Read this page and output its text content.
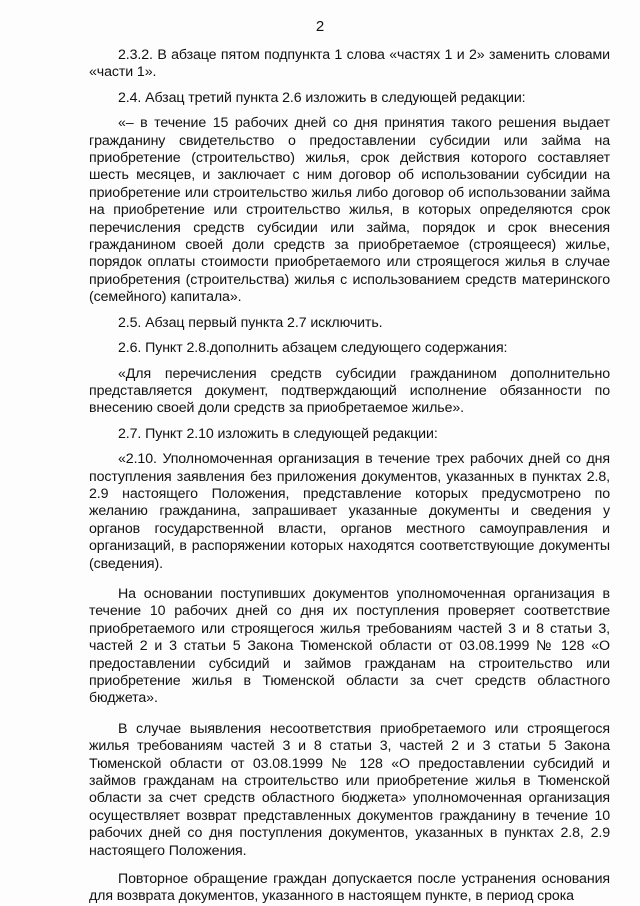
2

2.3.2. В абзаце пятом подпункта 1 слова «частях 1 и 2» заменить словами «части 1».

2.4. Абзац третий пункта 2.6 изложить в следующей редакции:

«– в течение 15 рабочих дней со дня принятия такого решения выдает гражданину свидетельство о предоставлении субсидии или займа на приобретение (строительство) жилья, срок действия которого составляет шесть месяцев, и заключает с ним договор об использовании субсидии на приобретение или строительство жилья либо договор об использовании займа на приобретение или строительство жилья, в которых определяются срок перечисления средств субсидии или займа, порядок и срок внесения гражданином своей доли средств за приобретаемое (строящееся) жилье, порядок оплаты стоимости приобретаемого или строящегося жилья в случае приобретения (строительства) жилья с использованием средств материнского (семейного) капитала».

2.5. Абзац первый пункта 2.7 исключить.

2.6. Пункт 2.8.дополнить абзацем следующего содержания:

«Для перечисления средств субсидии гражданином дополнительно представляется документ, подтверждающий исполнение обязанности по внесению своей доли средств за приобретаемое жилье».

2.7. Пункт 2.10 изложить в следующей редакции:

«2.10. Уполномоченная организация в течение трех рабочих дней со дня поступления заявления без приложения документов, указанных в пунктах 2.8, 2.9 настоящего Положения, представление которых предусмотрено по желанию гражданина, запрашивает указанные документы и сведения у органов государственной власти, органов местного самоуправления и организаций, в распоряжении которых находятся соответствующие документы (сведения).

На основании поступивших документов уполномоченная организация в течение 10 рабочих дней со дня их поступления проверяет соответствие приобретаемого или строящегося жилья требованиям частей 3 и 8 статьи 3, частей 2 и 3 статьи 5 Закона Тюменской области от 03.08.1999 № 128 «О предоставлении субсидий и займов гражданам на строительство или приобретение жилья в Тюменской области за счет средств областного бюджета».

В случае выявления несоответствия приобретаемого или строящегося жилья требованиям частей 3 и 8 статьи 3, частей 2 и 3 статьи 5 Закона Тюменской области от 03.08.1999 № 128 «О предоставлении субсидий и займов гражданам на строительство или приобретение жилья в Тюменской области за счет средств областного бюджета» уполномоченная организация осуществляет возврат представленных документов гражданину в течение 10 рабочих дней со дня поступления документов, указанных в пунктах 2.8, 2.9 настоящего Положения.

Повторное обращение граждан допускается после устранения основания для возврата документов, указанного в настоящем пункте, в период срока
